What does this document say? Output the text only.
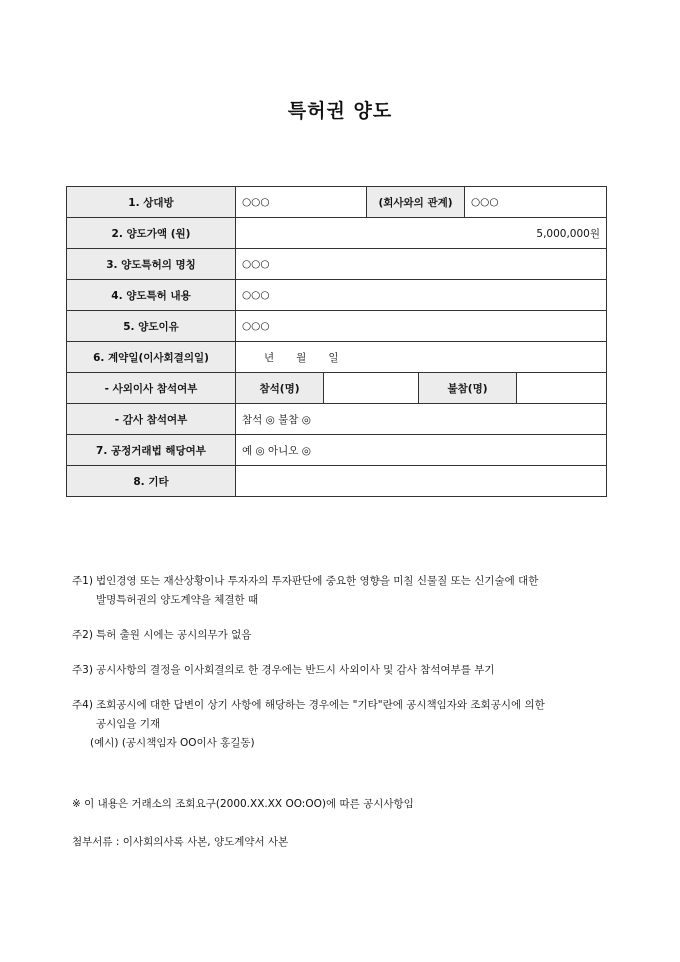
특허권 양도
1. 상대방	○○○		(회사와의 관계)		○○○	
2. 양도가액 (원)	5,000,000원					
3. 양도특허의 명칭	○○○					
4. 양도특허 내용	○○○					
5. 양도이유	○○○					
6. 계약일(이사회결의일)	년 월 일					
- 사외이사 참석여부	참석(명)			불참(명)		
- 감사 참석여부	참석 ◎ 불참 ◎					
7. 공정거래법 해당여부	예 ◎ 아니오 ◎					
8. 기타						
주1) 법인경영 또는 재산상황이나 투자자의 투자판단에 중요한 영향을 미칠 신물질 또는 신기술에 대한
발명특허권의 양도계약을 체결한 때
주2) 특허 출원 시에는 공시의무가 없음
주3) 공시사항의 결정을 이사회결의로 한 경우에는 반드시 사외이사 및 감사 참석여부를 부기
주4) 조회공시에 대한 답변이 상기 사항에 해당하는 경우에는 "기타"란에 공시책임자와 조회공시에 의한
공시임을 기재
(예시) (공시책임자 OO이사 홍길동)
※ 이 내용은 거래소의 조회요구(2000.XX.XX OO:OO)에 따른 공시사항임
첨부서류 : 이사회의사록 사본, 양도계약서 사본
